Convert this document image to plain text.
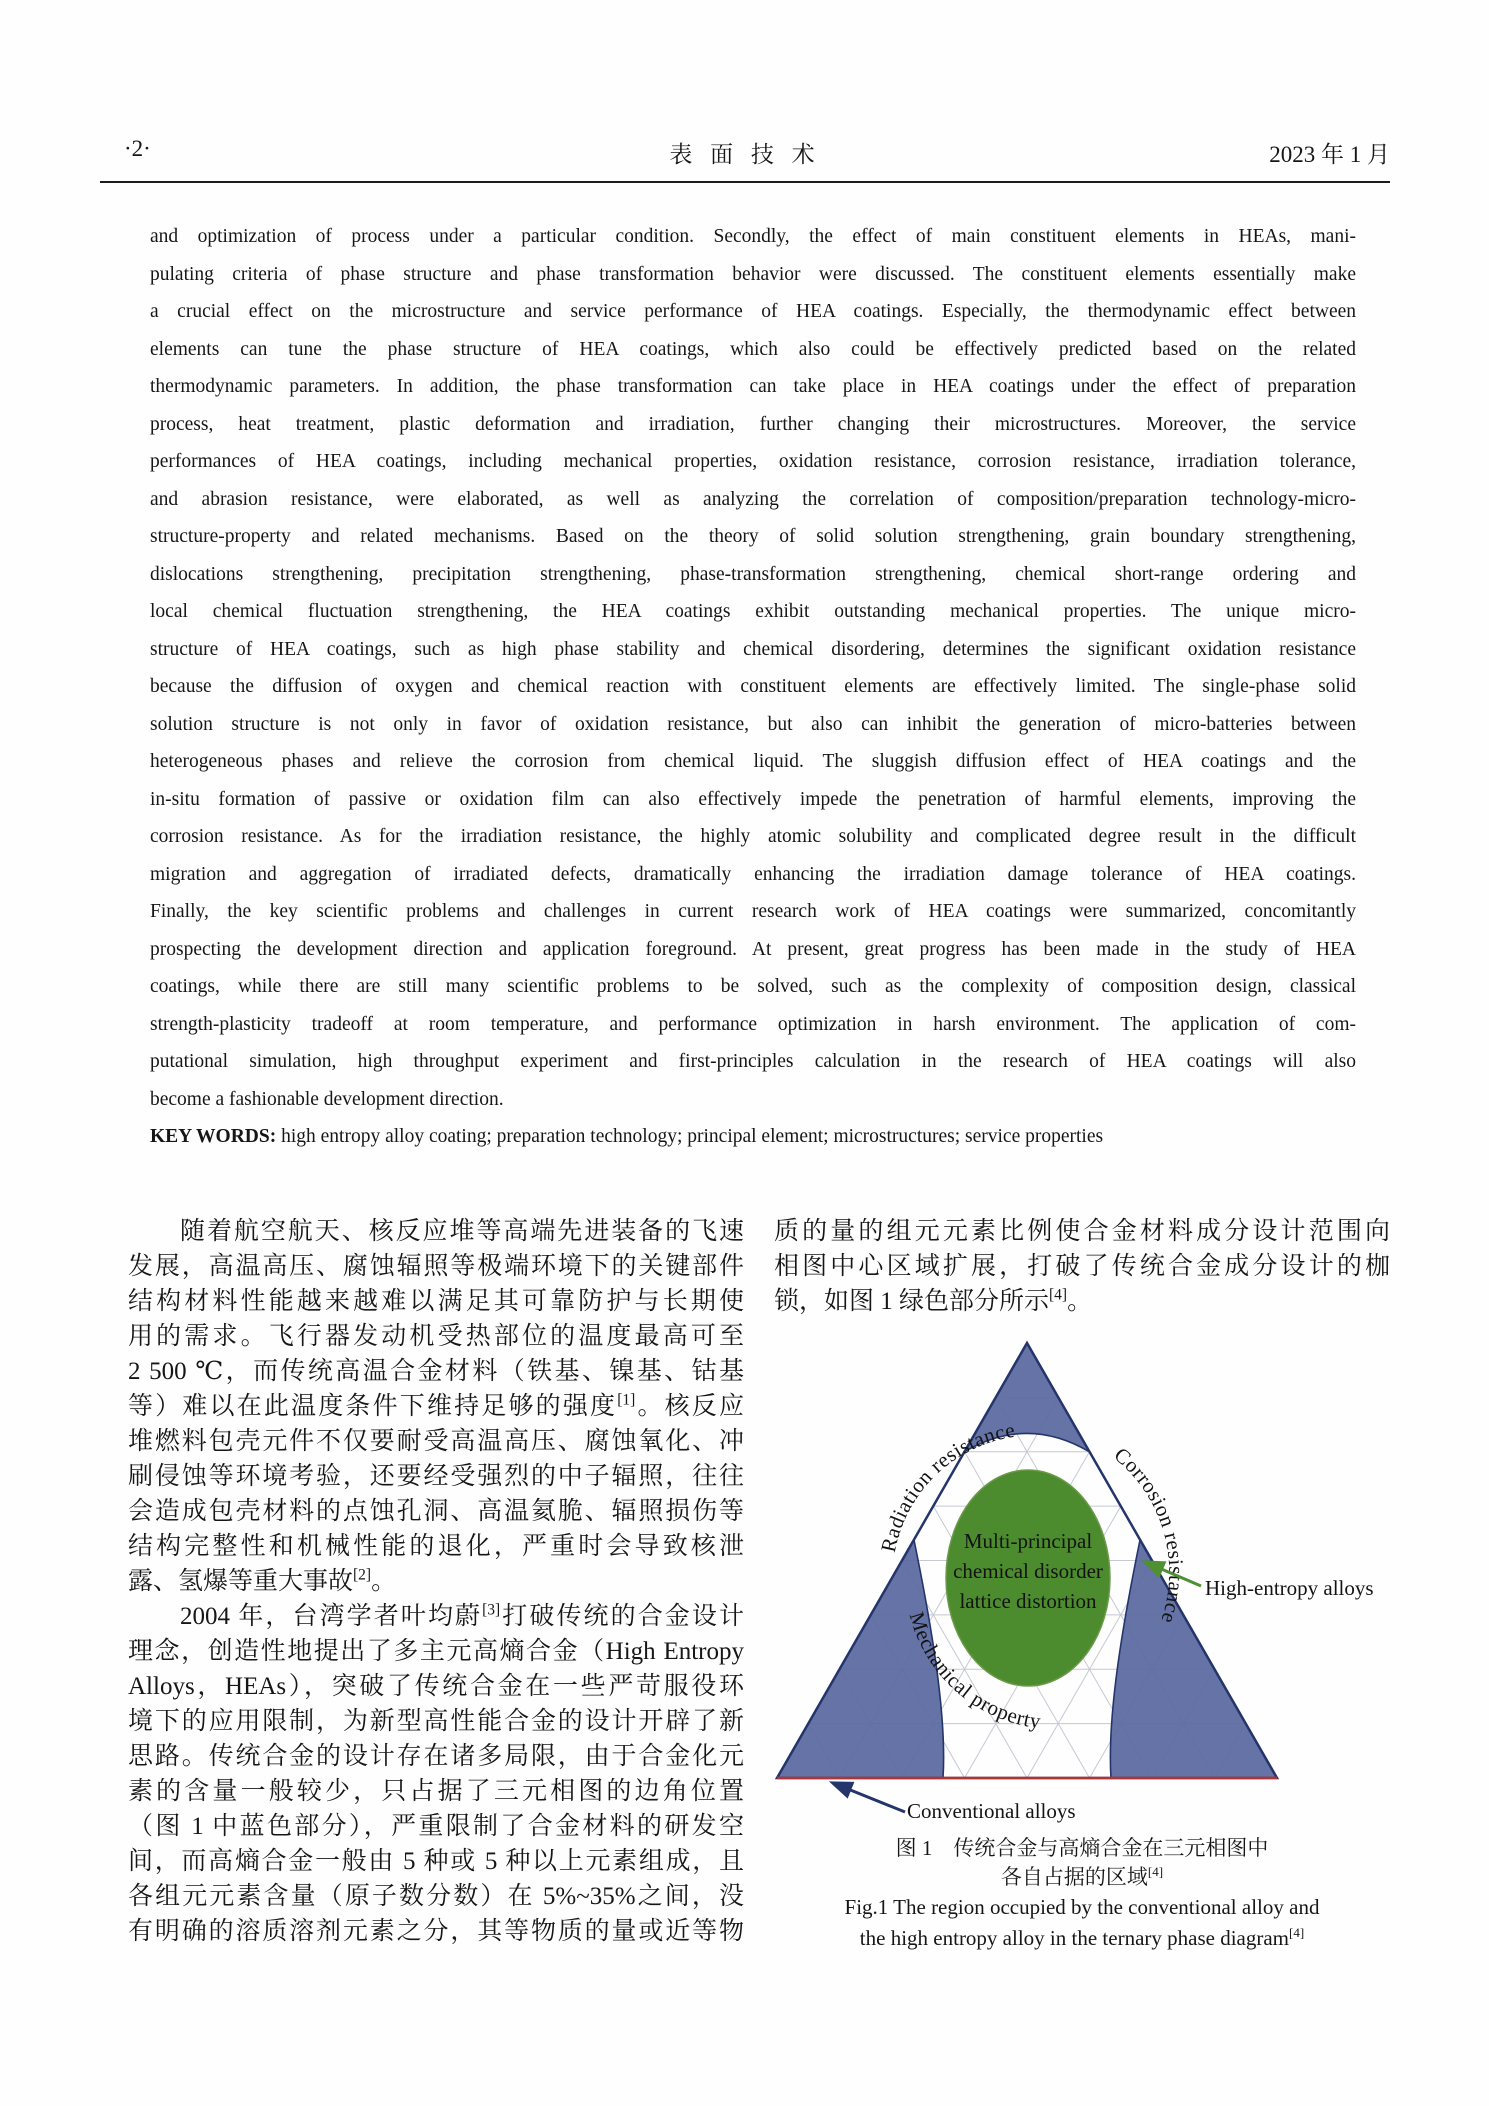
·2·	表 面 技 术	2023 年 1 月
and optimization of process under a particular condition. Secondly, the effect of main constituent elements in HEAs, mani-
pulating criteria of phase structure and phase transformation behavior were discussed. The constituent elements essentially make
a crucial effect on the microstructure and service performance of HEA coatings. Especially, the thermodynamic effect between
elements can tune the phase structure of HEA coatings, which also could be effectively predicted based on the related
thermodynamic parameters. In addition, the phase transformation can take place in HEA coatings under the effect of preparation
process, heat treatment, plastic deformation and irradiation, further changing their microstructures. Moreover, the service
performances of HEA coatings, including mechanical properties, oxidation resistance, corrosion resistance, irradiation tolerance,
and abrasion resistance, were elaborated, as well as analyzing the correlation of composition/preparation technology-micro-
structure-property and related mechanisms. Based on the theory of solid solution strengthening, grain boundary strengthening,
dislocations strengthening, precipitation strengthening, phase-transformation strengthening, chemical short-range ordering and
local chemical fluctuation strengthening, the HEA coatings exhibit outstanding mechanical properties. The unique micro-
structure of HEA coatings, such as high phase stability and chemical disordering, determines the significant oxidation resistance
because the diffusion of oxygen and chemical reaction with constituent elements are effectively limited. The single-phase solid
solution structure is not only in favor of oxidation resistance, but also can inhibit the generation of micro-batteries between
heterogeneous phases and relieve the corrosion from chemical liquid. The sluggish diffusion effect of HEA coatings and the
in-situ formation of passive or oxidation film can also effectively impede the penetration of harmful elements, improving the
corrosion resistance. As for the irradiation resistance, the highly atomic solubility and complicated degree result in the difficult
migration and aggregation of irradiated defects, dramatically enhancing the irradiation damage tolerance of HEA coatings.
Finally, the key scientific problems and challenges in current research work of HEA coatings were summarized, concomitantly
prospecting the development direction and application foreground. At present, great progress has been made in the study of HEA
coatings, while there are still many scientific problems to be solved, such as the complexity of composition design, classical
strength-plasticity tradeoff at room temperature, and performance optimization in harsh environment. The application of com-
putational simulation, high throughput experiment and first-principles calculation in the research of HEA coatings will also
become a fashionable development direction.
KEY WORDS: high entropy alloy coating; preparation technology; principal element; microstructures; service properties
随着航空航天、核反应堆等高端先进装备的飞速
发展，高温高压、腐蚀辐照等极端环境下的关键部件
结构材料性能越来越难以满足其可靠防护与长期使
用的需求。飞行器发动机受热部位的温度最高可至
2 500 ℃，而传统高温合金材料（铁基、镍基、钴基
等）难以在此温度条件下维持足够的强度[1]。核反应
堆燃料包壳元件不仅要耐受高温高压、腐蚀氧化、冲
刷侵蚀等环境考验，还要经受强烈的中子辐照，往往
会造成包壳材料的点蚀孔洞、高温氦脆、辐照损伤等
结构完整性和机械性能的退化，严重时会导致核泄
露、氢爆等重大事故[2]。
2004 年，台湾学者叶均蔚[3]打破传统的合金设计
理念，创造性地提出了多主元高熵合金（High Entropy
Alloys，HEAs），突破了传统合金在一些严苛服役环
境下的应用限制，为新型高性能合金的设计开辟了新
思路。传统合金的设计存在诸多局限，由于合金化元
素的含量一般较少，只占据了三元相图的边角位置
（图 1 中蓝色部分），严重限制了合金材料的研发空
间，而高熵合金一般由 5 种或 5 种以上元素组成，且
各组元元素含量（原子数分数）在 5%~35%之间，没
有明确的溶质溶剂元素之分，其等物质的量或近等物
质的量的组元元素比例使合金材料成分设计范围向
相图中心区域扩展，打破了传统合金成分设计的枷
锁，如图 1 绿色部分所示[4]。
Multi-principal
chemical disorder
lattice distortion
Radiation resistance
Corrosion resistance
Mechanical property
High-entropy alloys
Conventional alloys
图 1　传统合金与高熵合金在三元相图中
各自占据的区域[4]
Fig.1 The region occupied by the conventional alloy and
the high entropy alloy in the ternary phase diagram[4]
